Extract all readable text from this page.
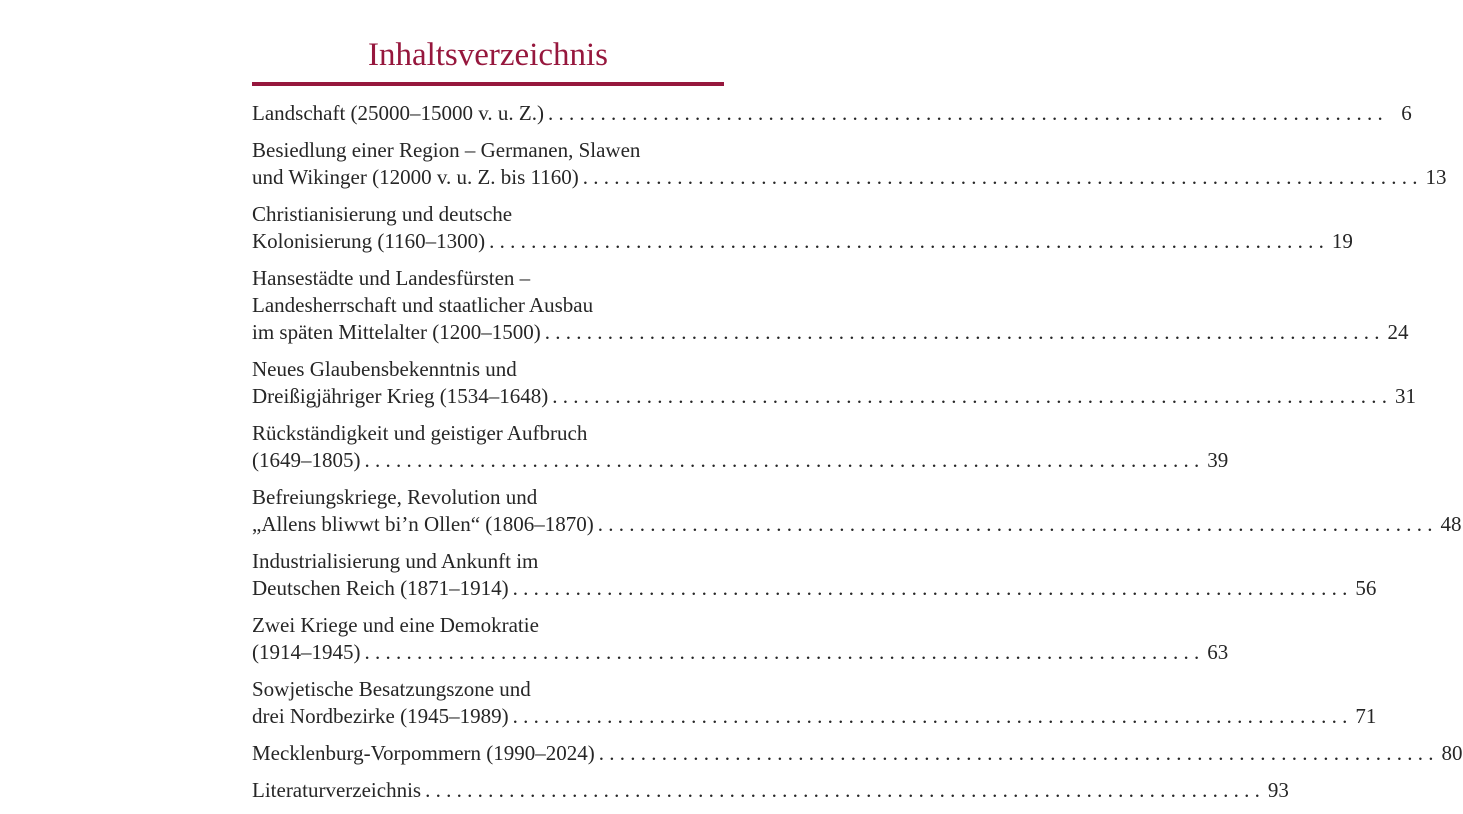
Inhaltsverzeichnis
Landschaft (25000–15000 v. u. Z.) . . . . . . . . . . . . . . . . . . . . . . . . . . . . . . . . . . . . . . . . . . . . . . . . . . . . . . . . . . . . . . . . . . . . . . . . . . . . . . . . 6
Besiedlung einer Region – Germanen, Slawen
und Wikinger (12000 v. u. Z. bis 1160) . . . . . . . . . . . . . . . . . . . . . . . . . . . . . . . . . . . . . . . . . . . . . . . . . . . . . . . . . . . . . . . . . . . . . . . . . . . . . . . . 13
Christianisierung und deutsche
Kolonisierung (1160–1300) . . . . . . . . . . . . . . . . . . . . . . . . . . . . . . . . . . . . . . . . . . . . . . . . . . . . . . . . . . . . . . . . . . . . . . . . . . . . . . . . 19
Hansestädte und Landesfürsten –
Landesherrschaft und staatlicher Ausbau
im späten Mittelalter (1200–1500) . . . . . . . . . . . . . . . . . . . . . . . . . . . . . . . . . . . . . . . . . . . . . . . . . . . . . . . . . . . . . . . . . . . . . . . . . . . . . . . . 24
Neues Glaubensbekenntnis und
Dreißigjähriger Krieg (1534–1648) . . . . . . . . . . . . . . . . . . . . . . . . . . . . . . . . . . . . . . . . . . . . . . . . . . . . . . . . . . . . . . . . . . . . . . . . . . . . . . . . 31
Rückständigkeit und geistiger Aufbruch
(1649–1805) . . . . . . . . . . . . . . . . . . . . . . . . . . . . . . . . . . . . . . . . . . . . . . . . . . . . . . . . . . . . . . . . . . . . . . . . . . . . . . . . 39
Befreiungskriege, Revolution und
„Allens bliwwt bi’n Ollen“ (1806–1870) . . . . . . . . . . . . . . . . . . . . . . . . . . . . . . . . . . . . . . . . . . . . . . . . . . . . . . . . . . . . . . . . . . . . . . . . . . . . . . . . 48
Industrialisierung und Ankunft im
Deutschen Reich (1871–1914) . . . . . . . . . . . . . . . . . . . . . . . . . . . . . . . . . . . . . . . . . . . . . . . . . . . . . . . . . . . . . . . . . . . . . . . . . . . . . . . . 56
Zwei Kriege und eine Demokratie
(1914–1945) . . . . . . . . . . . . . . . . . . . . . . . . . . . . . . . . . . . . . . . . . . . . . . . . . . . . . . . . . . . . . . . . . . . . . . . . . . . . . . . . 63
Sowjetische Besatzungszone und
drei Nordbezirke (1945–1989) . . . . . . . . . . . . . . . . . . . . . . . . . . . . . . . . . . . . . . . . . . . . . . . . . . . . . . . . . . . . . . . . . . . . . . . . . . . . . . . . 71
Mecklenburg-Vorpommern (1990–2024) . . . . . . . . . . . . . . . . . . . . . . . . . . . . . . . . . . . . . . . . . . . . . . . . . . . . . . . . . . . . . . . . . . . . . . . . . . . . . . . . 80
Literaturverzeichnis . . . . . . . . . . . . . . . . . . . . . . . . . . . . . . . . . . . . . . . . . . . . . . . . . . . . . . . . . . . . . . . . . . . . . . . . . . . . . . . . 93
